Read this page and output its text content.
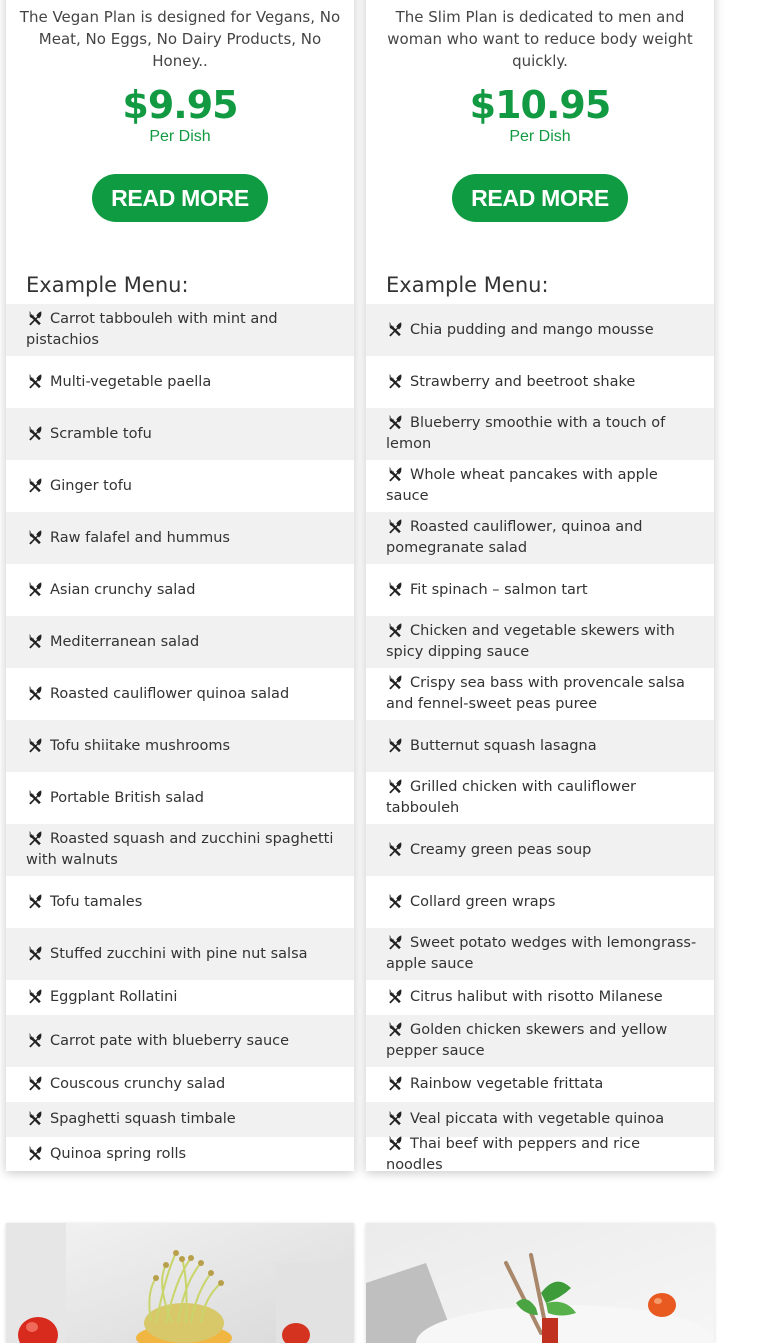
The Vegan Plan is designed for Vegans, No Meat, No Eggs, No Dairy Products, No Honey..
$9.95
Per Dish
READ MORE
Example Menu:
Carrot tabbouleh with mint and pistachios
Multi-vegetable paella
Scramble tofu
Ginger tofu
Raw falafel and hummus
Asian crunchy salad
Mediterranean salad
Roasted cauliflower quinoa salad
Tofu shiitake mushrooms
Portable British salad
Roasted squash and zucchini spaghetti with walnuts
Tofu tamales
Stuffed zucchini with pine nut salsa
Eggplant Rollatini
Carrot pate with blueberry sauce
Couscous crunchy salad
Spaghetti squash timbale
Quinoa spring rolls
The Slim Plan is dedicated to men and woman who want to reduce body weight quickly.
$10.95
Per Dish
READ MORE
Example Menu:
Chia pudding and mango mousse
Strawberry and beetroot shake
Blueberry smoothie with a touch of lemon
Whole wheat pancakes with apple sauce
Roasted cauliflower, quinoa and pomegranate salad
Fit spinach – salmon tart
Chicken and vegetable skewers with spicy dipping sauce
Crispy sea bass with provencale salsa and fennel-sweet peas puree
Butternut squash lasagna
Grilled chicken with cauliflower tabbouleh
Creamy green peas soup
Collard green wraps
Sweet potato wedges with lemongrass-apple sauce
Citrus halibut with risotto Milanese
Golden chicken skewers and yellow pepper sauce
Rainbow vegetable frittata
Veal piccata with vegetable quinoa
Thai beef with peppers and rice noodles
